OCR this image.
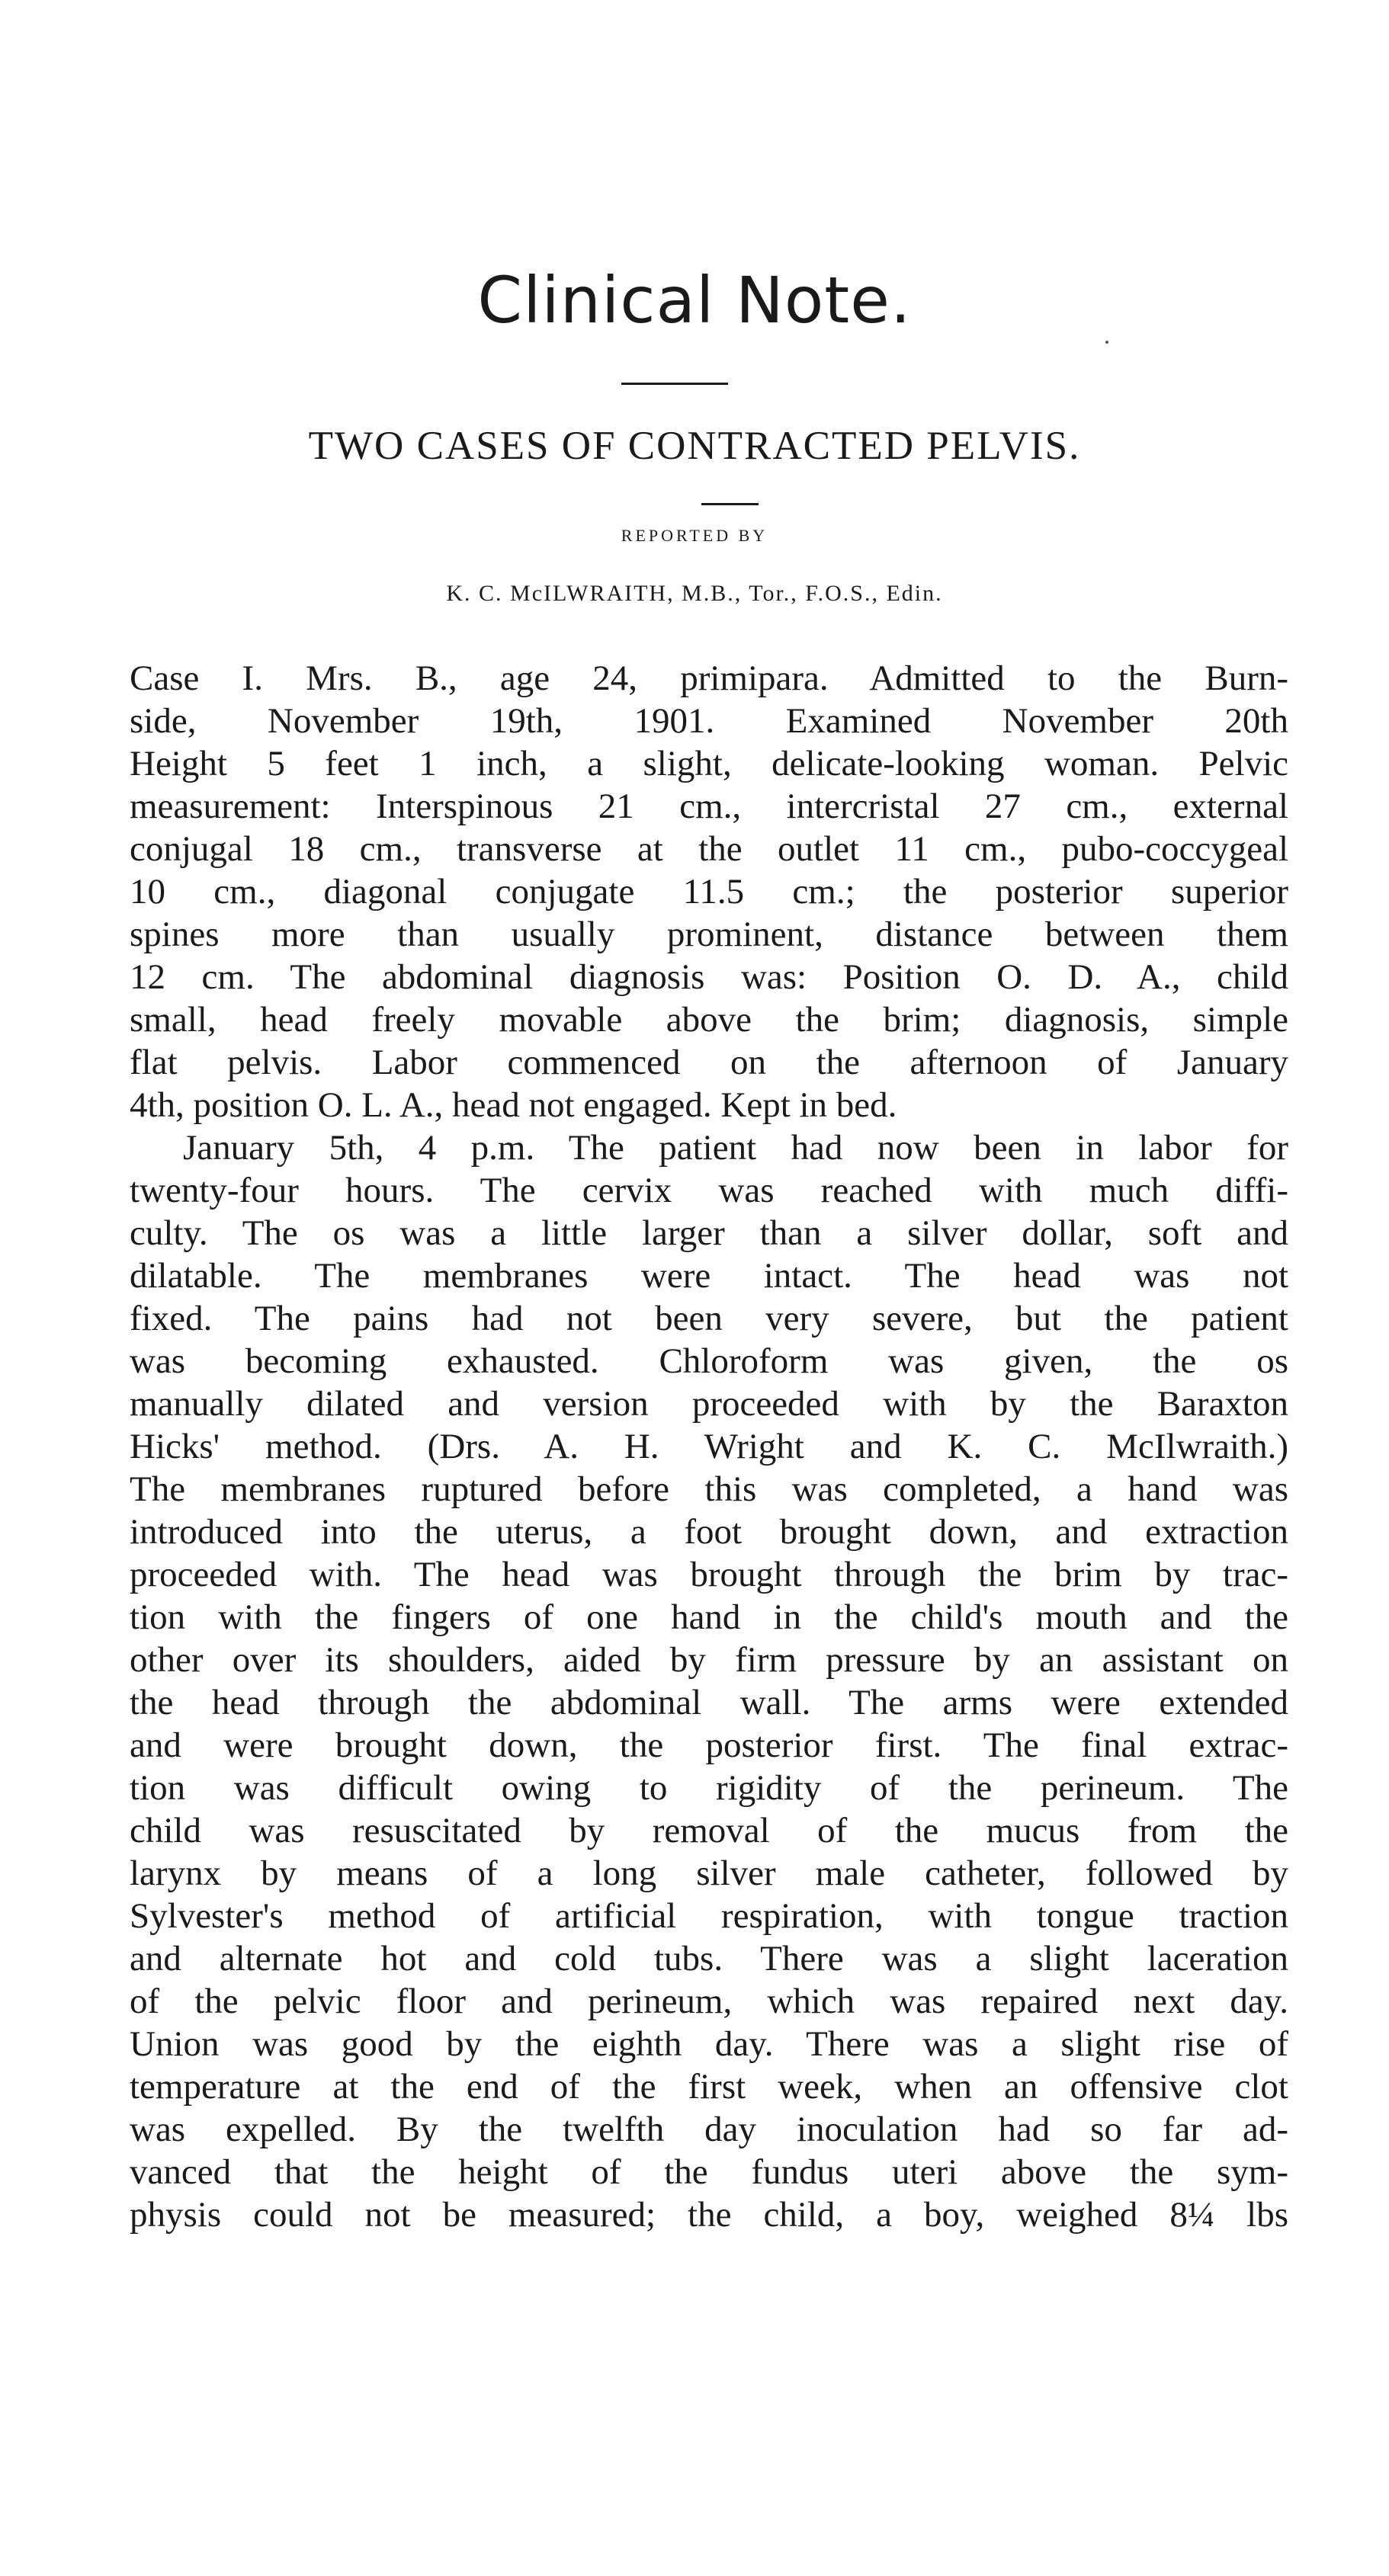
Clinical Note.
TWO CASES OF CONTRACTED PELVIS.
REPORTED BY
K. C. McILWRAITH, M.B., Tor., F.O.S., Edin.
Case I. Mrs. B., age 24, primipara. Admitted to the Burn-
side, November 19th, 1901. Examined November 20th
Height 5 feet 1 inch, a slight, delicate-looking woman. Pelvic
measurement: Interspinous 21 cm., intercristal 27 cm., external
conjugal 18 cm., transverse at the outlet 11 cm., pubo-coccygeal
10 cm., diagonal conjugate 11.5 cm.; the posterior superior
spines more than usually prominent, distance between them
12 cm. The abdominal diagnosis was: Position O. D. A., child
small, head freely movable above the brim; diagnosis, simple
flat pelvis. Labor commenced on the afternoon of January
4th, position O. L. A., head not engaged. Kept in bed.
January 5th, 4 p.m. The patient had now been in labor for
twenty-four hours. The cervix was reached with much diffi-
culty. The os was a little larger than a silver dollar, soft and
dilatable. The membranes were intact. The head was not
fixed. The pains had not been very severe, but the patient
was becoming exhausted. Chloroform was given, the os
manually dilated and version proceeded with by the Baraxton
Hicks' method. (Drs. A. H. Wright and K. C. McIlwraith.)
The membranes ruptured before this was completed, a hand was
introduced into the uterus, a foot brought down, and extraction
proceeded with. The head was brought through the brim by trac-
tion with the fingers of one hand in the child's mouth and the
other over its shoulders, aided by firm pressure by an assistant on
the head through the abdominal wall. The arms were extended
and were brought down, the posterior first. The final extrac-
tion was difficult owing to rigidity of the perineum. The
child was resuscitated by removal of the mucus from the
larynx by means of a long silver male catheter, followed by
Sylvester's method of artificial respiration, with tongue traction
and alternate hot and cold tubs. There was a slight laceration
of the pelvic floor and perineum, which was repaired next day.
Union was good by the eighth day. There was a slight rise of
temperature at the end of the first week, when an offensive clot
was expelled. By the twelfth day inoculation had so far ad-
vanced that the height of the fundus uteri above the sym-
physis could not be measured; the child, a boy, weighed 8¼ lbs
